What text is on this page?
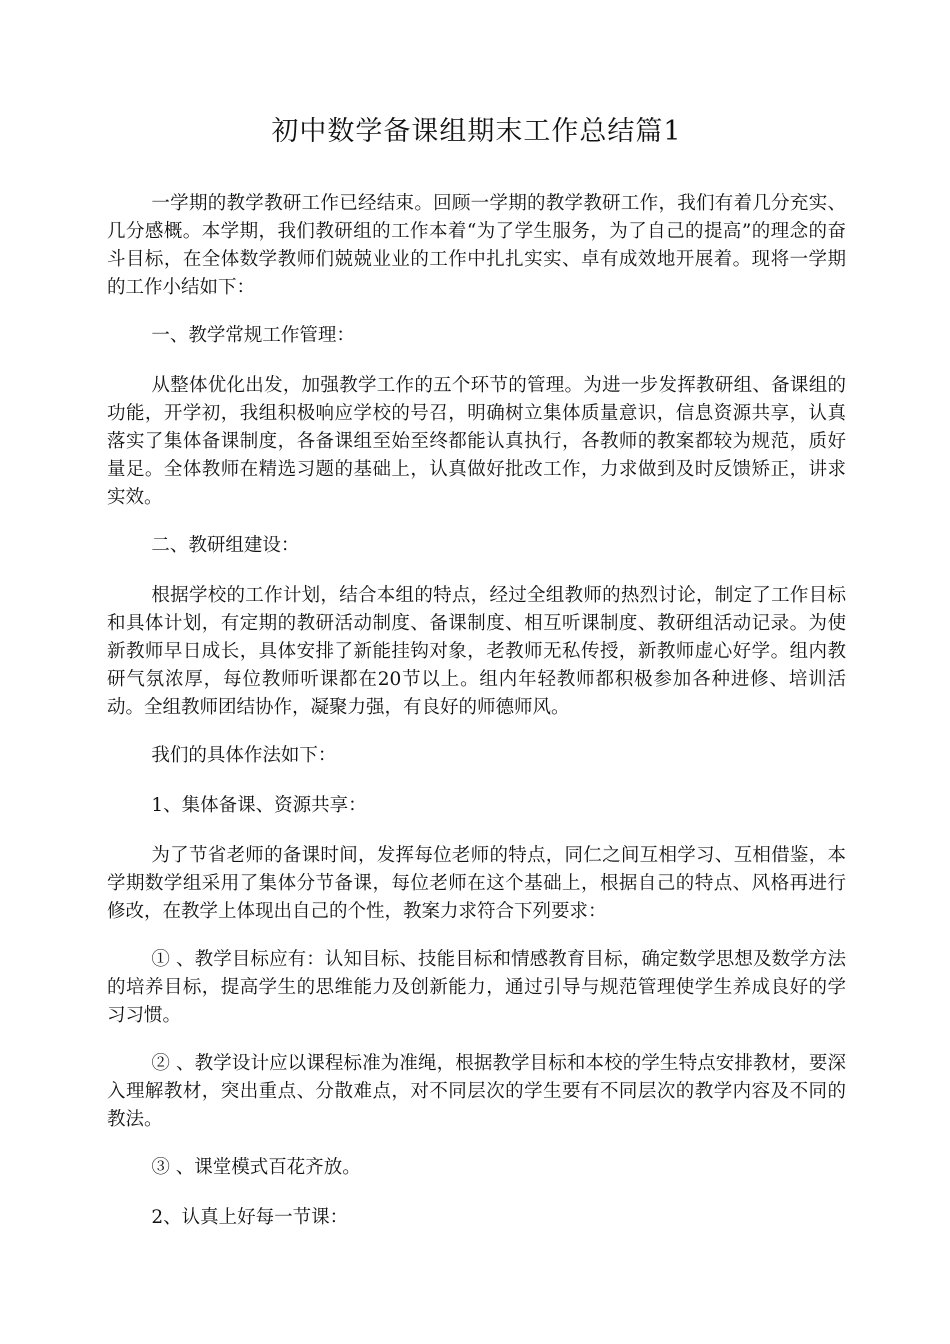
初中数学备课组期末工作总结篇1

一学期的教学教研工作已经结束。回顾一学期的教学教研工作，我们有着几分充实、几分感概。本学期，我们教研组的工作本着“为了学生服务，为了自己的提高”的理念的奋斗目标，在全体数学教师们兢兢业业的工作中扎扎实实、卓有成效地开展着。现将一学期的工作小结如下：

一、教学常规工作管理：

从整体优化出发，加强教学工作的五个环节的管理。为进一步发挥教研组、备课组的功能，开学初，我组积极响应学校的号召，明确树立集体质量意识，信息资源共享，认真落实了集体备课制度，各备课组至始至终都能认真执行，各教师的教案都较为规范，质好量足。全体教师在精选习题的基础上，认真做好批改工作，力求做到及时反馈矫正，讲求实效。

二、教研组建设：

根据学校的工作计划，结合本组的特点，经过全组教师的热烈讨论，制定了工作目标和具体计划，有定期的教研活动制度、备课制度、相互听课制度、教研组活动记录。为使新教师早日成长，具体安排了新能挂钩对象，老教师无私传授，新教师虚心好学。组内教研气氛浓厚，每位教师听课都在20节以上。组内年轻教师都积极参加各种进修、培训活动。全组教师团结协作，凝聚力强，有良好的师德师风。

我们的具体作法如下：

1、集体备课、资源共享：

为了节省老师的备课时间，发挥每位老师的特点，同仁之间互相学习、互相借鉴，本学期数学组采用了集体分节备课，每位老师在这个基础上，根据自己的特点、风格再进行修改，在教学上体现出自己的个性，教案力求符合下列要求：

① 、教学目标应有：认知目标、技能目标和情感教育目标，确定数学思想及数学方法的培养目标，提高学生的思维能力及创新能力，通过引导与规范管理使学生养成良好的学习习惯。

② 、教学设计应以课程标准为准绳，根据教学目标和本校的学生特点安排教材，要深入理解教材，突出重点、分散难点，对不同层次的学生要有不同层次的教学内容及不同的教法。

③ 、课堂模式百花齐放。

2、认真上好每一节课：
